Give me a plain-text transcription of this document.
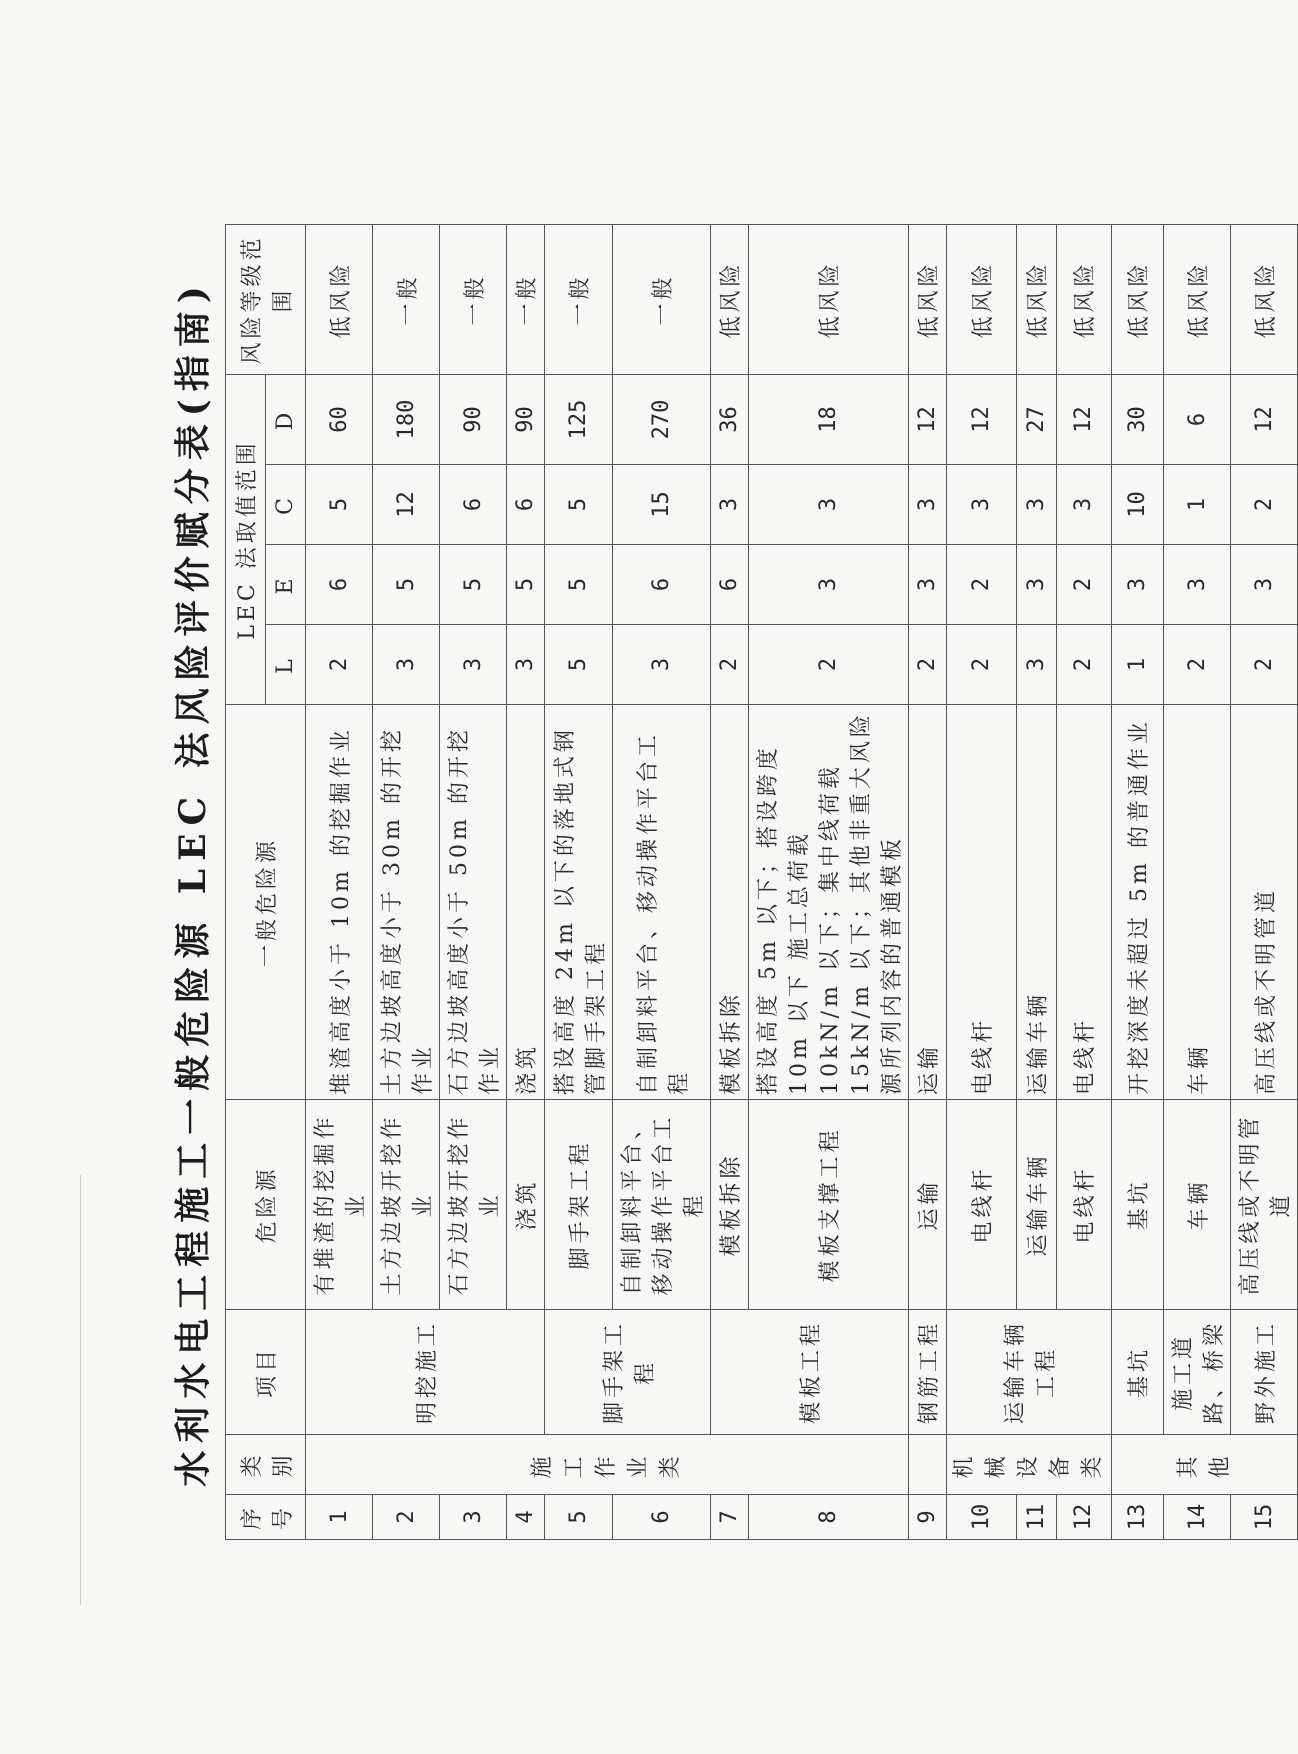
水利水电工程施工一般危险源 LEC 法风险评价赋分表(指南)
序号	类别	项目	危险源	一般危险源	LEC 法取值范围				风险等级范围
					L	E	C	D	
1	施工作业类	明挖施工	有堆渣的挖掘作业	堆渣高度小于 10m 的挖掘作业	2	6	5	60	低风险
2			土方边坡开挖作业	土方边坡高度小于 30m 的开挖作业	3	5	12	180	一般
3			石方边坡开挖作业	石方边坡高度小于 50m 的开挖作业	3	5	6	90	一般
4			浇筑	浇筑	3	5	6	90	一般
5		脚手架工程	脚手架工程	搭设高度 24m 以下的落地式钢管脚手架工程	5	5	5	125	一般
6			自制卸料平台、移动操作平台工程	自制卸料平台、移动操作平台工程	3	6	15	270	一般
7		模板工程	模板拆除	模板拆除	2	6	3	36	低风险
8			模板支撑工程	搭设高度 5m 以下；搭设跨度 10m 以下 施工总荷载 10kN/m 以下；集中线荷载 15kN/m 以下；其他非重大风险源所列内容的普通模板	2	3	3	18	低风险
9		钢筋工程	运输	运输	2	3	3	12	低风险
10	机械设备类	运输车辆工程	电线杆	电线杆	2	2	3	12	低风险
11			运输车辆	运输车辆	3	3	3	27	低风险
12			电线杆	电线杆	2	2	3	12	低风险
13	其他	基坑	基坑	开挖深度未超过 5m 的普通作业	1	3	10	30	低风险
14		施工道路、桥梁	车辆	车辆	2	3	1	6	低风险
15		野外施工	高压线或不明管道	高压线或不明管道	2	3	2	12	低风险
